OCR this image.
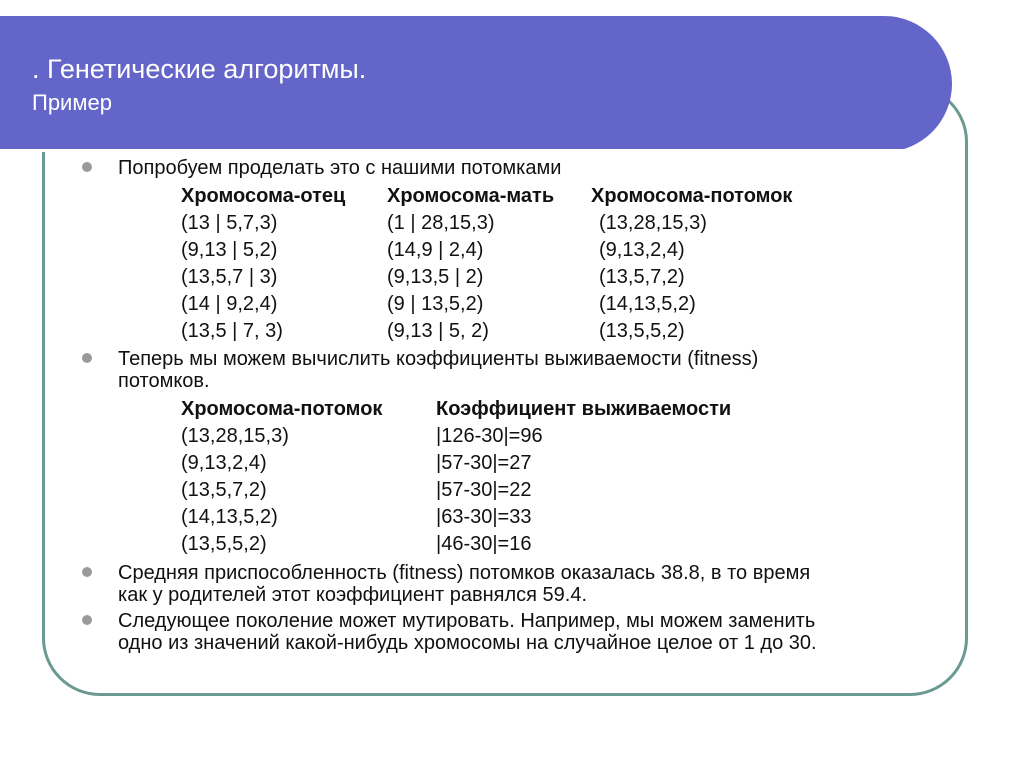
. Генетические алгоритмы.
Пример
Попробуем проделать это с нашими потомками
Хромосома-отец Хромосома-мать Хромосома-потомок
(13 | 5,7,3)	(1 | 28,15,3)	(13,28,15,3)
(9,13 | 5,2)	(14,9 | 2,4)	(9,13,2,4)
(13,5,7 | 3)	(9,13,5 | 2)	(13,5,7,2)
(14 | 9,2,4)	(9 | 13,5,2)	(14,13,5,2)
(13,5 | 7, 3)	(9,13 | 5, 2)	(13,5,5,2)
Теперь мы можем вычислить коэффициенты выживаемости (fitness)
потомков.
Хромосома-потомок	Коэффициент выживаемости
(13,28,15,3)	|126-30|=96
(9,13,2,4)	|57-30|=27
(13,5,7,2)	|57-30|=22
(14,13,5,2)	|63-30|=33
(13,5,5,2)	|46-30|=16
Средняя приспособленность (fitness) потомков оказалась 38.8, в то время
как у родителей этот коэффициент равнялся 59.4.
Следующее поколение может мутировать. Например, мы можем заменить
одно из значений какой-нибудь хромосомы на случайное целое от 1 до 30.
